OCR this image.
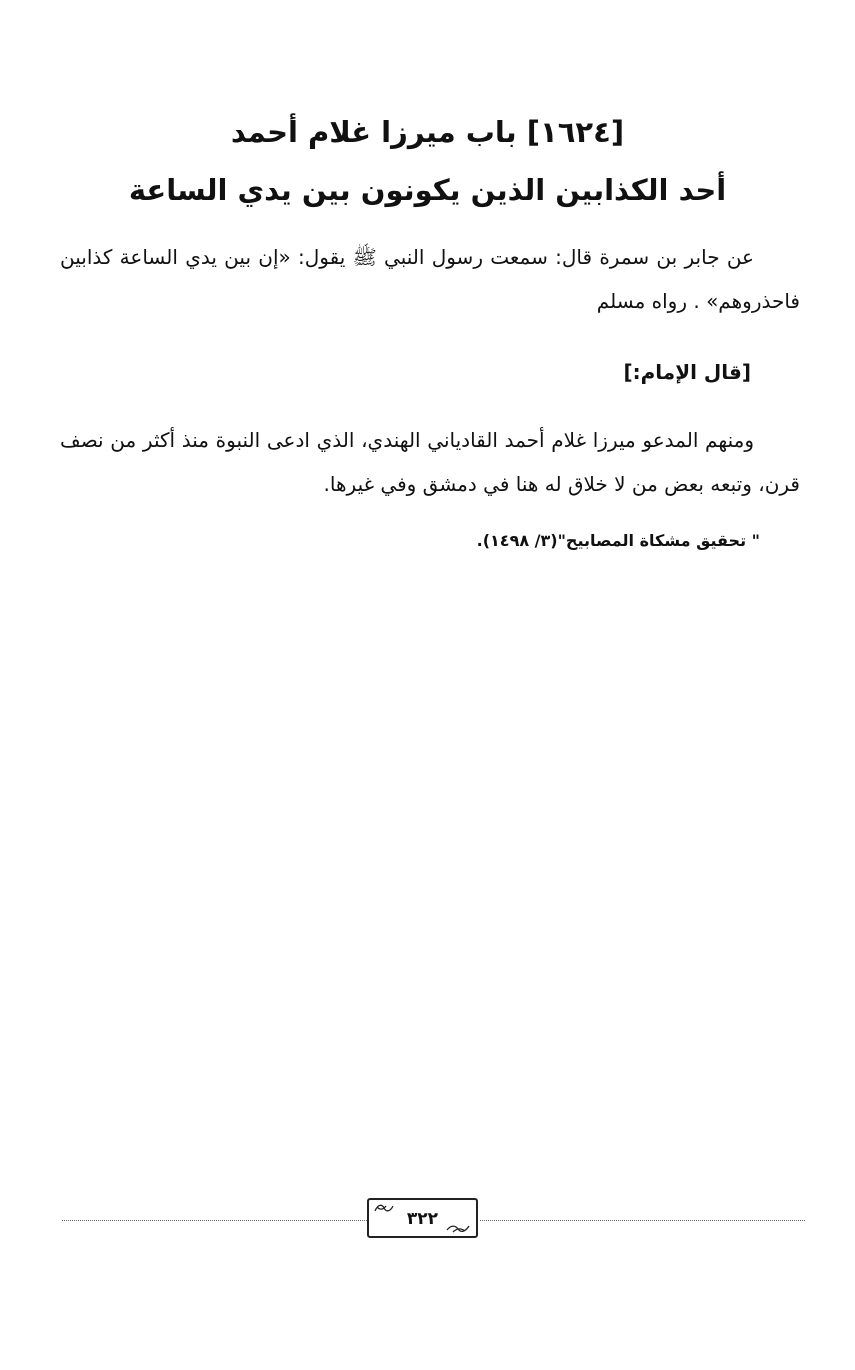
[١٦٢٤] باب ميرزا غلام أحمد
أحد الكذابين الذين يكونون بين يدي الساعة
عن جابر بن سمرة قال: سمعت رسول النبي ﷺ يقول: «إن بين يدي الساعة كذابين فاحذروهم» . رواه مسلم
[قال الإمام:]
ومنهم المدعو ميرزا غلام أحمد القادياني الهندي، الذي ادعى النبوة منذ أكثر من نصف قرن، وتبعه بعض من لا خلاق له هنا في دمشق وفي غيرها.
" تحقيق مشكاة المصابيح"(٣/ ١٤٩٨).
٣٢٢
